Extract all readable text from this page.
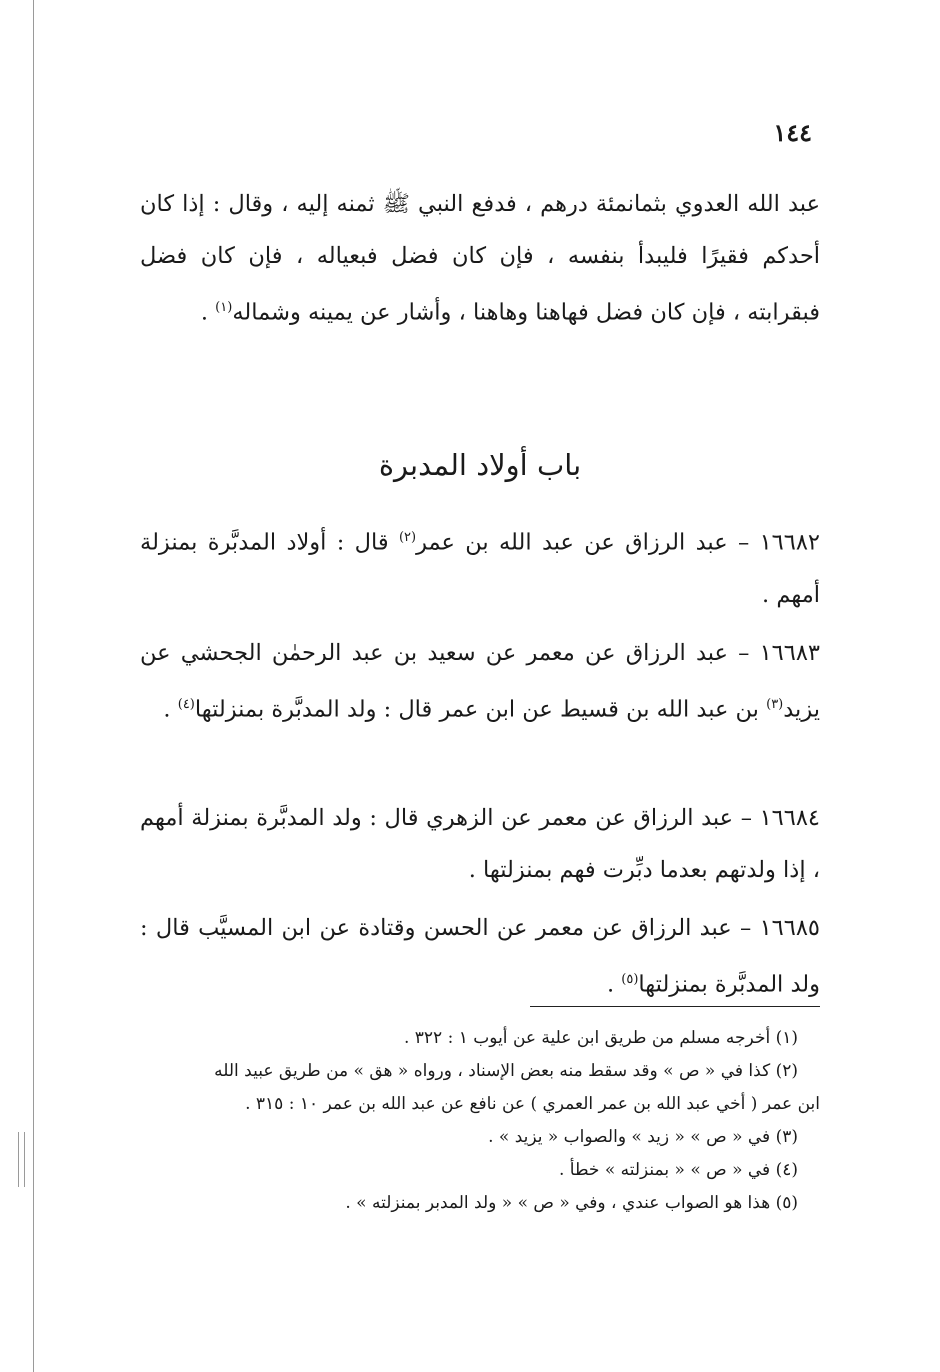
١٤٤
عبد الله العدوي بثمانمئة درهم ، فدفع النبي ﷺ ثمنه إليه ، وقال : إذا كان أحدكم فقيرًا فليبدأ بنفسه ، فإن كان فضل فبعياله ، فإن كان فضل فبقرابته ، فإن كان فضل فهاهنا وهاهنا ، وأشار عن يمينه وشماله$^{(١)}$ .
باب أولاد المدبرة
١٦٦٨٢ – عبد الرزاق عن عبد الله بن عمر$^{(٢)}$ قال : أولاد المدبَّرة بمنزلة أمهم .
١٦٦٨٣ – عبد الرزاق عن معمر عن سعيد بن عبد الرحمٰن الجحشي عن يزيد$^{(٣)}$ بن عبد الله بن قسيط عن ابن عمر قال : ولد المدبَّرة بمنزلتها$^{(٤)}$ .
١٦٦٨٤ – عبد الرزاق عن معمر عن الزهري قال : ولد المدبَّرة بمنزلة أمهم ، إذا ولدتهم بعدما دبِّرت فهم بمنزلتها .
١٦٦٨٥ – عبد الرزاق عن معمر عن الحسن وقتادة عن ابن المسيَّب قال : ولد المدبَّرة بمنزلتها$^{(٥)}$ .

(١) أخرجه مسلم من طريق ابن علية عن أيوب ١ : ٣٢٢ .

(٢) كذا في « ص » وقد سقط منه بعض الإسناد ، ورواه « هق » من طريق عبيد الله

ابن عمر ( أخي عبد الله بن عمر العمري ) عن نافع عن عبد الله بن عمر ١٠ : ٣١٥ .

(٣) في « ص » « زيد » والصواب « يزيد » .

(٤) في « ص » « بمنزلته » خطأ .

(٥) هذا هو الصواب عندي ، وفي « ص » « ولد المدبر بمنزلته » .
